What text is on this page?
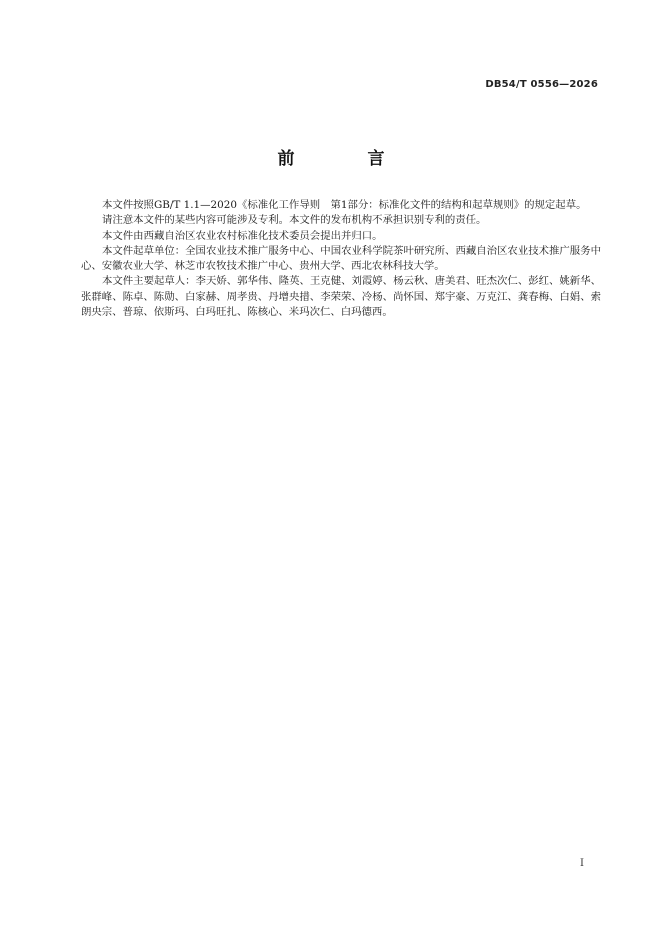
DB54/T 0556—2026
前　言

本文件按照GB/T 1.1—2020《标准化工作导则　第1部分：标准化文件的结构和起草规则》的规定起草。

请注意本文件的某些内容可能涉及专利。本文件的发布机构不承担识别专利的责任。

本文件由西藏自治区农业农村标准化技术委员会提出并归口。

本文件起草单位：全国农业技术推广服务中心、中国农业科学院茶叶研究所、西藏自治区农业技术推广服务中心、安徽农业大学、林芝市农牧技术推广中心、贵州大学、西北农林科技大学。

本文件主要起草人：李天娇、郭华伟、隆英、王克健、刘霞婷、杨云秋、唐美君、旺杰次仁、彭红、姚新华、张群峰、陈卓、陈勋、白家赫、周孝贵、丹增央措、李荣荣、冷杨、尚怀国、郑宇豪、万克江、龚春梅、白娟、索朗央宗、普琼、依斯玛、白玛旺扎、陈核心、米玛次仁、白玛德西。

I
